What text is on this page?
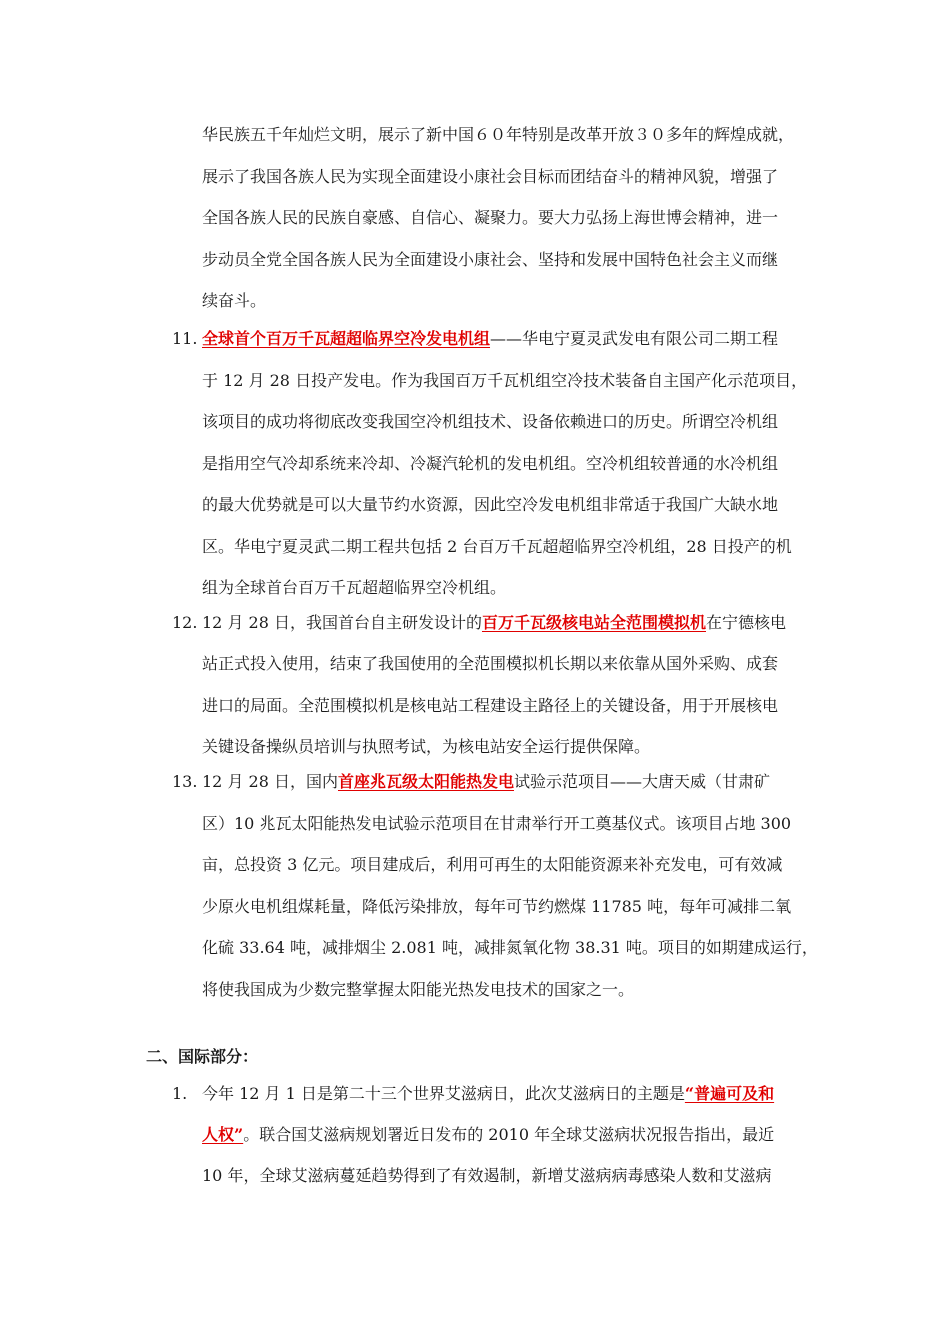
华民族五千年灿烂文明，展示了新中国６０年特别是改革开放３０多年的辉煌成就，
展示了我国各族人民为实现全面建设小康社会目标而团结奋斗的精神风貌，增强了
全国各族人民的民族自豪感、自信心、凝聚力。要大力弘扬上海世博会精神，进一
步动员全党全国各族人民为全面建设小康社会、坚持和发展中国特色社会主义而继
续奋斗。
11. 全球首个百万千瓦超超临界空冷发电机组——华电宁夏灵武发电有限公司二期工程
于 12 月 28 日投产发电。作为我国百万千瓦机组空冷技术装备自主国产化示范项目，
该项目的成功将彻底改变我国空冷机组技术、设备依赖进口的历史。所谓空冷机组
是指用空气冷却系统来冷却、冷凝汽轮机的发电机组。空冷机组较普通的水冷机组
的最大优势就是可以大量节约水资源，因此空冷发电机组非常适于我国广大缺水地
区。华电宁夏灵武二期工程共包括 2 台百万千瓦超超临界空冷机组，28 日投产的机
组为全球首台百万千瓦超超临界空冷机组。
12. 12 月 28 日，我国首台自主研发设计的百万千瓦级核电站全范围模拟机在宁德核电
站正式投入使用，结束了我国使用的全范围模拟机长期以来依靠从国外采购、成套
进口的局面。全范围模拟机是核电站工程建设主路径上的关键设备，用于开展核电
关键设备操纵员培训与执照考试，为核电站安全运行提供保障。
13. 12 月 28 日，国内首座兆瓦级太阳能热发电试验示范项目——大唐天威（甘肃矿
区）10 兆瓦太阳能热发电试验示范项目在甘肃举行开工奠基仪式。该项目占地 300
亩，总投资 3 亿元。项目建成后，利用可再生的太阳能资源来补充发电，可有效减
少原火电机组煤耗量，降低污染排放，每年可节约燃煤 11785 吨，每年可减排二氧
化硫 33.64 吨，减排烟尘 2.081 吨，减排氮氧化物 38.31 吨。项目的如期建成运行，
将使我国成为少数完整掌握太阳能光热发电技术的国家之一。
二、国际部分：
1. 今年 12 月 1 日是第二十三个世界艾滋病日，此次艾滋病日的主题是“普遍可及和
人权”。联合国艾滋病规划署近日发布的 2010 年全球艾滋病状况报告指出，最近
10 年，全球艾滋病蔓延趋势得到了有效遏制，新增艾滋病病毒感染人数和艾滋病
